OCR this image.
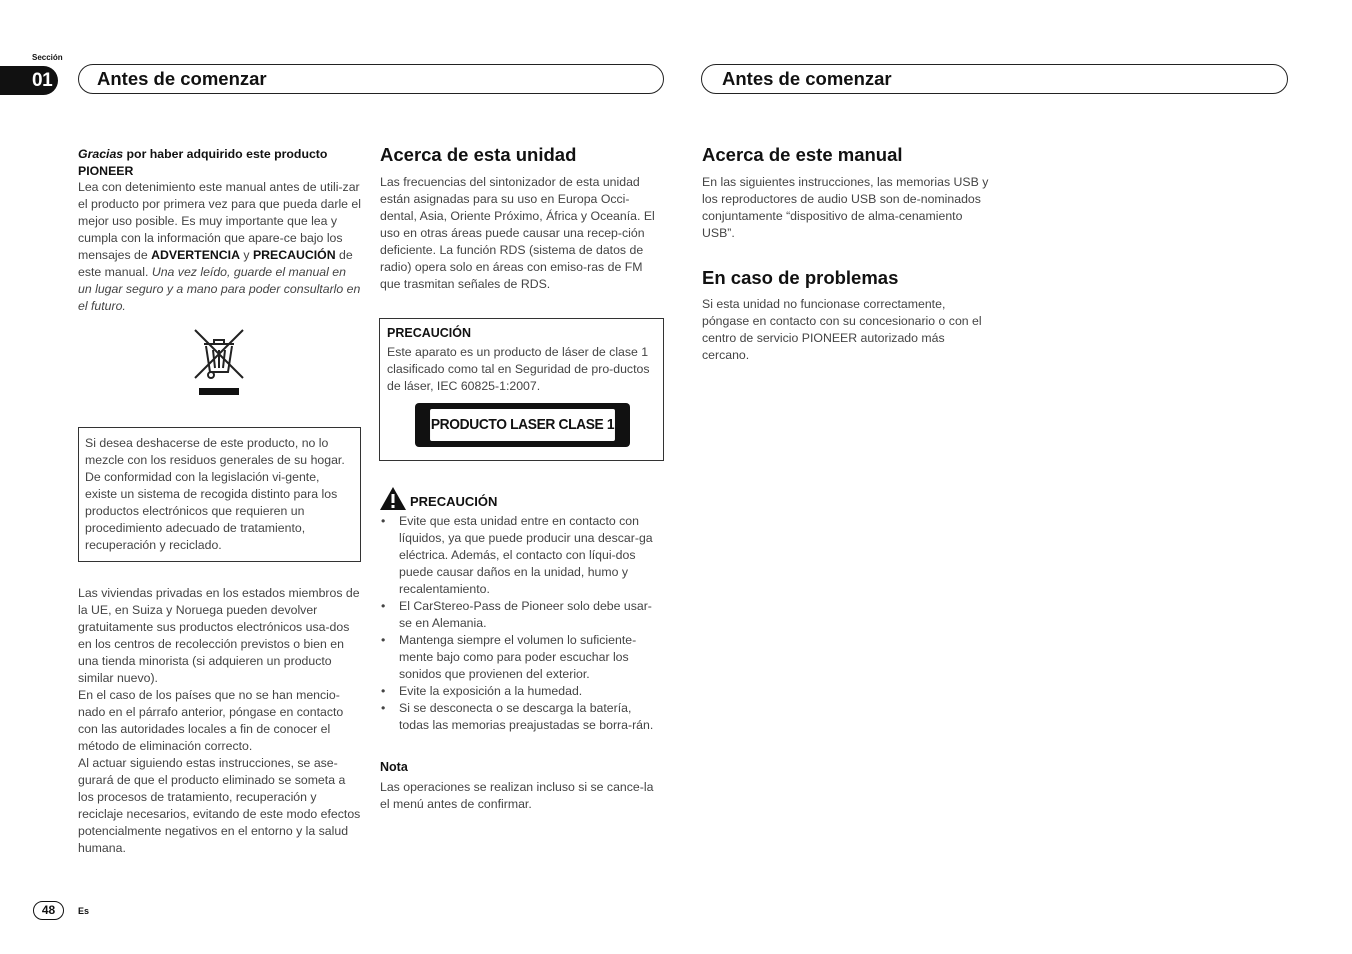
Sección
01	Antes de comenzar	Antes de comenzar
Gracias por haber adquirido este producto
PIONEER
Lea con detenimiento este manual antes de utili-zar el producto por primera vez para que pueda darle el mejor uso posible. Es muy importante que lea y cumpla con la información que apare-ce bajo los mensajes de ADVERTENCIA y PRECAUCIÓN de este manual. Una vez leído, guarde el manual en un lugar seguro y a mano para poder consultarlo en el futuro.
Si desea deshacerse de este producto, no lo mezcle con los residuos generales de su hogar. De conformidad con la legislación vi-gente, existe un sistema de recogida distinto para los productos electrónicos que requieren un procedimiento adecuado de tratamiento, recuperación y reciclado.
Las viviendas privadas en los estados miembros de la UE, en Suiza y Noruega pueden devolver gratuitamente sus productos electrónicos usa-dos en los centros de recolección previstos o bien en una tienda minorista (si adquieren un producto similar nuevo).
En el caso de los países que no se han mencio-nado en el párrafo anterior, póngase en contacto con las autoridades locales a fin de conocer el método de eliminación correcto.
Al actuar siguiendo estas instrucciones, se ase-gurará de que el producto eliminado se someta a los procesos de tratamiento, recuperación y reciclaje necesarios, evitando de este modo efectos potencialmente negativos en el entorno y la salud humana.
Acerca de esta unidad
Las frecuencias del sintonizador de esta unidad están asignadas para su uso en Europa Occi-dental, Asia, Oriente Próximo, África y Oceanía. El uso en otras áreas puede causar una recep-ción deficiente. La función RDS (sistema de datos de radio) opera solo en áreas con emiso-ras de FM que trasmitan señales de RDS.
PRECAUCIÓN
Este aparato es un producto de láser de clase 1 clasificado como tal en Seguridad de pro-ductos de láser, IEC 60825-1:2007.
PRODUCTO LASER CLASE 1
PRECAUCIÓN
• Evite que esta unidad entre en contacto con líquidos, ya que puede producir una descar-ga eléctrica. Además, el contacto con líqui-dos puede causar daños en la unidad, humo y recalentamiento.
• El CarStereo-Pass de Pioneer solo debe usar-se en Alemania.
• Mantenga siempre el volumen lo suficiente-mente bajo como para poder escuchar los sonidos que provienen del exterior.
• Evite la exposición a la humedad.
• Si se desconecta o se descarga la batería, todas las memorias preajustadas se borra-rán.
Nota
Las operaciones se realizan incluso si se cance-la el menú antes de confirmar.
Acerca de este manual
En las siguientes instrucciones, las memorias USB y los reproductores de audio USB son de-nominados conjuntamente “dispositivo de alma-cenamiento USB”.
En caso de problemas
Si esta unidad no funcionase correctamente, póngase en contacto con su concesionario o con el centro de servicio PIONEER autorizado más cercano.
48	Es
